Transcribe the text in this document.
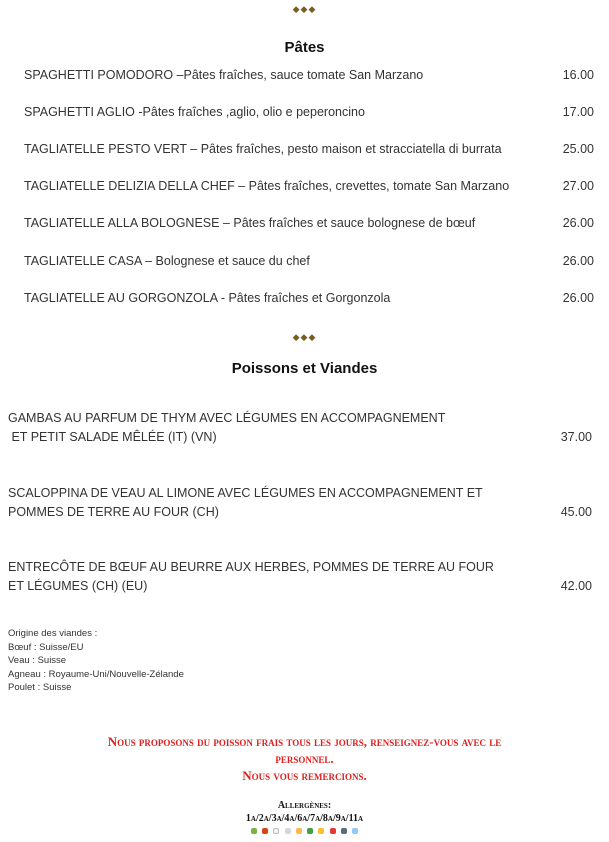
◆◆◆
Pâtes
SPAGHETTI POMODORO –Pâtes fraîches, sauce tomate San Marzano	16.00
SPAGHETTI AGLIO -Pâtes fraîches ,aglio, olio e peperoncino	17.00
TAGLIATELLE PESTO VERT – Pâtes fraîches, pesto maison et stracciatella di burrata	25.00
TAGLIATELLE DELIZIA DELLA CHEF – Pâtes fraîches, crevettes, tomate San Marzano	27.00
TAGLIATELLE ALLA BOLOGNESE – Pâtes fraîches et sauce bolognese de bœuf	26.00
TAGLIATELLE CASA – Bolognese et sauce du chef	26.00
TAGLIATELLE AU GORGONZOLA - Pâtes fraîches et Gorgonzola	26.00
◆◆◆
Poissons et Viandes
GAMBAS AU PARFUM DE THYM AVEC LÉGUMES EN ACCOMPAGNEMENT
ET PETIT SALADE MÊLÉE (IT) (VN)	37.00
SCALOPPINA DE VEAU AL LIMONE AVEC LÉGUMES EN ACCOMPAGNEMENT ET
POMMES DE TERRE AU FOUR (CH)	45.00
ENTRECÔTE DE BŒUF AU BEURRE AUX HERBES, POMMES DE TERRE AU FOUR
ET LÉGUMES (CH) (EU)	42.00
Origine des viandes :
Bœuf : Suisse/EU
Veau : Suisse
Agneau : Royaume-Uni/Nouvelle-Zélande
Poulet : Suisse
Nous proposons du poisson frais tous les jours, renseignez-vous avec le
personnel.
Nous vous remercions.
Allergènes:
1a/2a/3a/4a/6a/7a/8a/9a/11a
